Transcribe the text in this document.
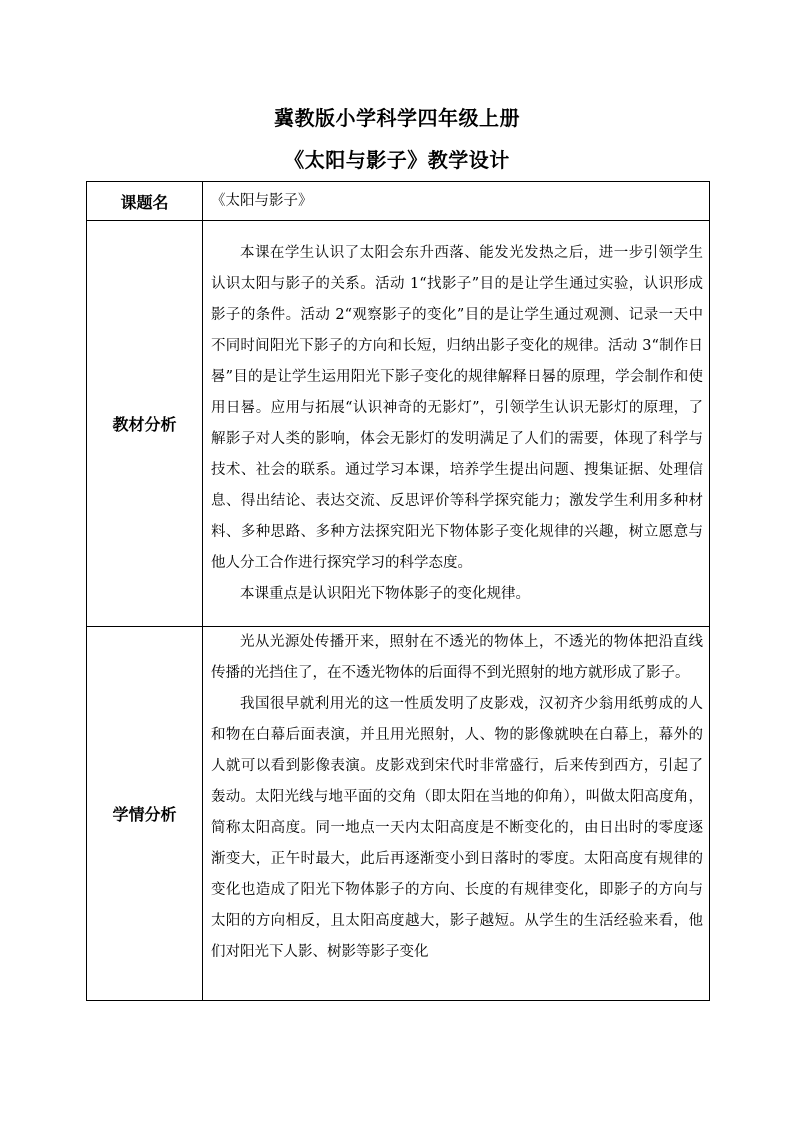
冀教版小学科学四年级上册
《太阳与影子》教学设计
课题名	《太阳与影子》
教材分析	本课在学生认识了太阳会东升西落、能发光发热之后，进一步引领学生认识太阳与影子的关系。活动 1“找影子”目的是让学生通过实验，认识形成影子的条件。活动 2“观察影子的变化”目的是让学生通过观测、记录一天中不同时间阳光下影子的方向和长短，归纳出影子变化的规律。活动 3“制作日晷”目的是让学生运用阳光下影子变化的规律解释日晷的原理，学会制作和使用日晷。应用与拓展“认识神奇的无影灯”，引领学生认识无影灯的原理，了解影子对人类的影响，体会无影灯的发明满足了人们的需要，体现了科学与技术、社会的联系。通过学习本课，培养学生提出问题、搜集证据、处理信息、得出结论、表达交流、反思评价等科学探究能力；激发学生利用多种材料、多种思路、多种方法探究阳光下物体影子变化规律的兴趣，树立愿意与他人分工合作进行探究学习的科学态度。

本课重点是认识阳光下物体影子的变化规律。

学情分析	光从光源处传播开来，照射在不透光的物体上，不透光的物体把沿直线传播的光挡住了，在不透光物体的后面得不到光照射的地方就形成了影子。

我国很早就利用光的这一性质发明了皮影戏，汉初齐少翁用纸剪成的人和物在白幕后面表演，并且用光照射，人、物的影像就映在白幕上，幕外的人就可以看到影像表演。皮影戏到宋代时非常盛行，后来传到西方，引起了轰动。太阳光线与地平面的交角（即太阳在当地的仰角），叫做太阳高度角，简称太阳高度。同一地点一天内太阳高度是不断变化的，由日出时的零度逐渐变大，正午时最大，此后再逐渐变小到日落时的零度。太阳高度有规律的变化也造成了阳光下物体影子的方向、长度的有规律变化，即影子的方向与太阳的方向相反，且太阳高度越大，影子越短。从学生的生活经验来看，他们对阳光下人影、树影等影子变化
